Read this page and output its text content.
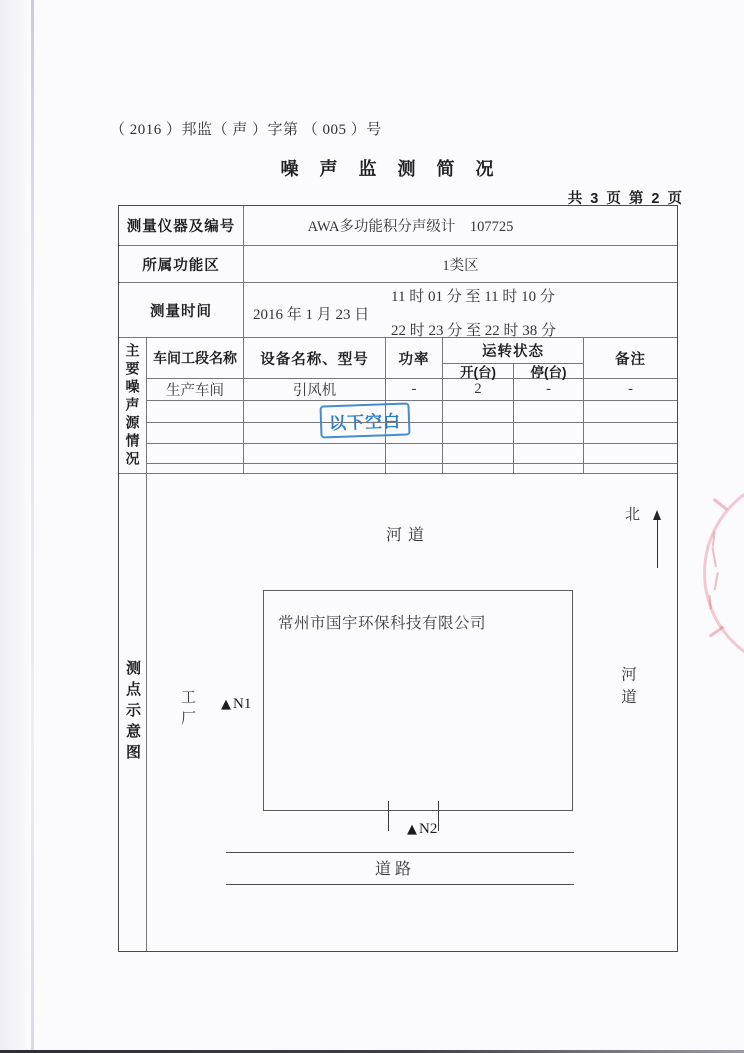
（ 2016 ）邦监（ 声 ）字第 （ 005 ）号
噪 声 监 测 简 况
共 3 页 第 2 页
测量仪器及编号	AWA多功能积分声级计    107725
所属功能区	1类区
测量时间	2016 年 1 月 23 日
11 时 01 分 至 11 时 10 分
22 时 23 分 至 22 时 38 分
主要噪声源情况 车间工段名称	设备名称、型号	功率	运转状态	备注
开(台)	停(台)
生产车间	引风机	-	2	-	-
以下空白
测点示意图
河道
北
常州市国宇环保科技有限公司
工厂 ▲ N1
▲ N2
道路
河道
